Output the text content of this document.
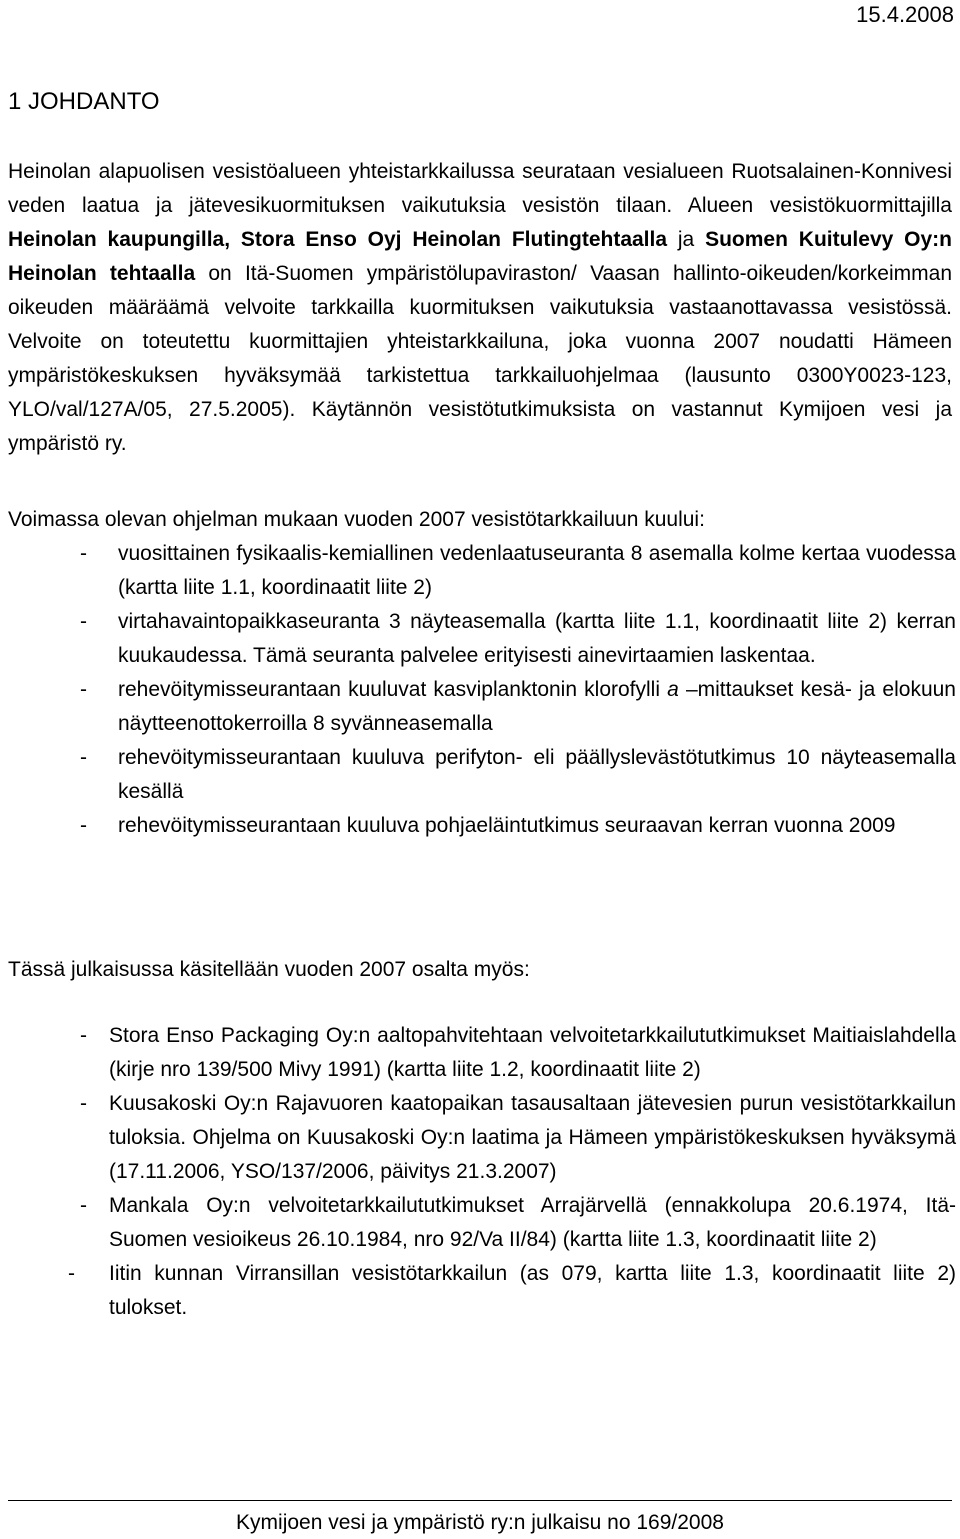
15.4.2008
1 JOHDANTO

Heinolan alapuolisen vesistöalueen yhteistarkkailussa seurataan vesialueen Ruotsalainen-Konnivesi veden laatua ja jätevesikuormituksen vaikutuksia vesistön tilaan. Alueen vesistökuormittajilla Heinolan kaupungilla, Stora Enso Oyj Heinolan Flutingtehtaalla ja Suomen Kuitulevy Oy:n Heinolan tehtaalla on Itä-Suomen ympäristölupaviraston/ Vaasan hallinto-oikeuden/korkeimman oikeuden määräämä velvoite tarkkailla kuormituksen vaikutuksia vastaanottavassa vesistössä. Velvoite on toteutettu kuormittajien yhteistarkkailuna, joka vuonna 2007 noudatti Hämeen ympäristökeskuksen hyväksymää tarkistettua tarkkailuohjelmaa (lausunto 0300Y0023-123, YLO/val/127A/05, 27.5.2005). Käytännön vesistötutkimuksista on vastannut Kymijoen vesi ja ympäristö ry.

Voimassa olevan ohjelman mukaan vuoden 2007 vesistötarkkailuun kuului:

- vuosittainen fysikaalis-kemiallinen vedenlaatuseuranta 8 asemalla kolme kertaa vuodessa (kartta liite 1.1, koordinaatit liite 2)
- virtahavaintopaikkaseuranta 3 näyteasemalla (kartta liite 1.1, koordinaatit liite 2) kerran kuukaudessa. Tämä seuranta palvelee erityisesti ainevirtaamien laskentaa.
- rehevöitymisseurantaan kuuluvat kasviplanktonin klorofylli a –mittaukset kesä- ja elokuun näytteenottokerroilla 8 syvänneasemalla
- rehevöitymisseurantaan kuuluva perifyton- eli päällyslevästötutkimus 10 näyteasemalla kesällä
- rehevöitymisseurantaan kuuluva pohjaeläintutkimus seuraavan kerran vuonna 2009

Tässä julkaisussa käsitellään vuoden 2007 osalta myös:

- Stora Enso Packaging Oy:n aaltopahvitehtaan velvoitetarkkailututkimukset Maitiaislahdella (kirje nro 139/500 Mivy 1991) (kartta liite 1.2, koordinaatit liite 2)
- Kuusakoski Oy:n Rajavuoren kaatopaikan tasausaltaan jätevesien purun vesistötarkkailun tuloksia. Ohjelma on Kuusakoski Oy:n laatima ja Hämeen ympäristökeskuksen hyväksymä (17.11.2006, YSO/137/2006, päivitys 21.3.2007)
- Mankala Oy:n velvoitetarkkailututkimukset Arrajärvellä (ennakkolupa 20.6.1974, Itä-Suomen vesioikeus 26.10.1984, nro 92/Va II/84) (kartta liite 1.3, koordinaatit liite 2)
- Iitin kunnan Virransillan vesistötarkkailun (as 079, kartta liite 1.3, koordinaatit liite 2) tulokset.
Kymijoen vesi ja ympäristö ry:n julkaisu no 169/2008
